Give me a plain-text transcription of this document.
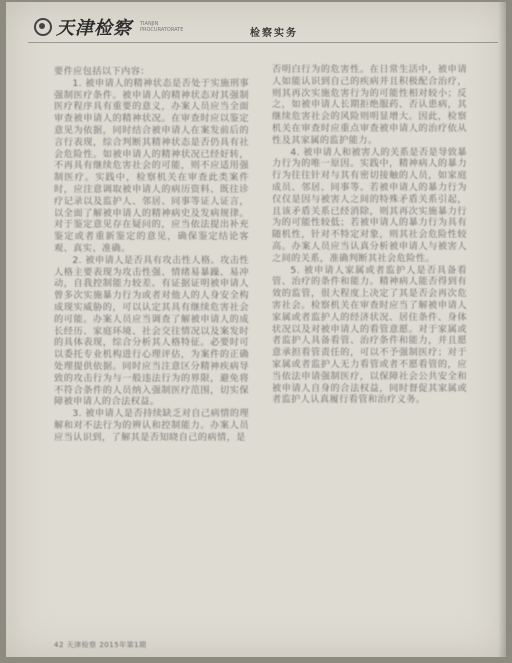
天津检察 TIANJIN PROCURATORATE	检察实务

要件应包括以下内容：

1. 被申请人的精神状态是否处于实施刑事强制医疗条件。被申请人的精神状态对其强制医疗程序具有重要的意义，办案人员应当全面审查被申请人的精神状况。在审查时应以鉴定意见为依据，同时结合被申请人在案发前后的言行表现，综合判断其精神状态是否仍具有社会危险性。如被申请人的精神状况已经好转，不再具有继续危害社会的可能，则不应适用强制医疗。实践中，检察机关在审查此类案件时，应注意调取被申请人的病历资料、既往诊疗记录以及监护人、邻居、同事等证人证言，以全面了解被申请人的精神病史及发病规律。对于鉴定意见存在疑问的，应当依法提出补充鉴定或者重新鉴定的意见，确保鉴定结论客观、真实、准确。

2. 被申请人是否具有攻击性人格。攻击性人格主要表现为攻击性强、情绪易暴躁、易冲动，自我控制能力较差。有证据证明被申请人曾多次实施暴力行为或者对他人的人身安全构成现实威胁的，可以认定其具有继续危害社会的可能。办案人员应当调查了解被申请人的成长经历、家庭环境、社会交往情况以及案发时的具体表现，综合分析其人格特征。必要时可以委托专业机构进行心理评估，为案件的正确处理提供依据。同时应当注意区分精神疾病导致的攻击行为与一般违法行为的界限，避免将不符合条件的人员纳入强制医疗范围，切实保障被申请人的合法权益。

3. 被申请人是否持续缺乏对自己病情的理解和对不法行为的辨认和控制能力。办案人员应当认识到，了解其是否知晓自己的病情，是

否明白行为的危害性。在日常生活中，被申请人如能认识到自己的疾病并且积极配合治疗，则其再次实施危害行为的可能性相对较小；反之，如被申请人长期拒绝服药、否认患病，其继续危害社会的风险则明显增大。因此，检察机关在审查时应重点审查被申请人的治疗依从性及其家属的监护能力。

4. 被申请人和被害人的关系是否是导致暴力行为的唯一原因。实践中，精神病人的暴力行为往往针对与其有密切接触的人员，如家庭成员、邻居、同事等。若被申请人的暴力行为仅仅是因与被害人之间的特殊矛盾关系引起，且该矛盾关系已经消除，则其再次实施暴力行为的可能性较低；若被申请人的暴力行为具有随机性，针对不特定对象，则其社会危险性较高。办案人员应当认真分析被申请人与被害人之间的关系，准确判断其社会危险性。

5. 被申请人家属或者监护人是否具备看管、治疗的条件和能力。精神病人能否得到有效的监管，很大程度上决定了其是否会再次危害社会。检察机关在审查时应当了解被申请人家属或者监护人的经济状况、居住条件、身体状况以及对被申请人的看管意愿。对于家属或者监护人具备看管、治疗条件和能力，并且愿意承担看管责任的，可以不予强制医疗；对于家属或者监护人无力看管或者不愿看管的，应当依法申请强制医疗，以保障社会公共安全和被申请人自身的合法权益，同时督促其家属或者监护人认真履行看管和治疗义务。

42 天津检察 2015年第1期
